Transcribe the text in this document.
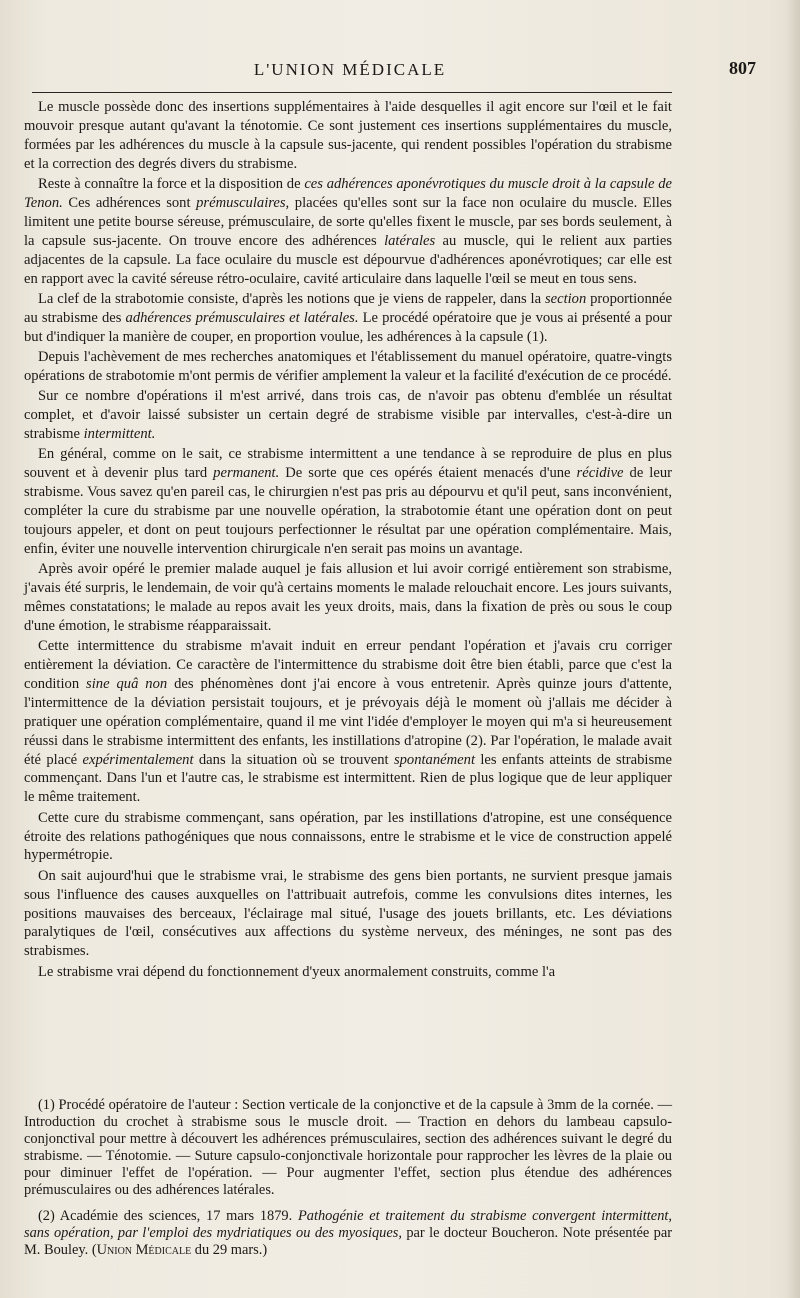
L'UNION MÉDICALE	807

Le muscle possède donc des insertions supplémentaires à l'aide desquelles il agit encore sur l'œil et le fait mouvoir presque autant qu'avant la ténotomie. Ce sont justement ces insertions supplémentaires du muscle, formées par les adhérences du muscle à la capsule sus-jacente, qui rendent possibles l'opération du strabisme et la correction des degrés divers du strabisme.

Reste à connaître la force et la disposition de ces adhérences aponévrotiques du muscle droit à la capsule de Tenon. Ces adhérences sont prémusculaires, placées qu'elles sont sur la face non oculaire du muscle. Elles limitent une petite bourse séreuse, prémusculaire, de sorte qu'elles fixent le muscle, par ses bords seulement, à la capsule sus-jacente. On trouve encore des adhérences latérales au muscle, qui le relient aux parties adjacentes de la capsule. La face oculaire du muscle est dépourvue d'adhérences aponévrotiques; car elle est en rapport avec la cavité séreuse rétro-oculaire, cavité articulaire dans laquelle l'œil se meut en tous sens.

La clef de la strabotomie consiste, d'après les notions que je viens de rappeler, dans la section proportionnée au strabisme des adhérences prémusculaires et latérales. Le procédé opératoire que je vous ai présenté a pour but d'indiquer la manière de couper, en proportion voulue, les adhérences à la capsule (1).

Depuis l'achèvement de mes recherches anatomiques et l'établissement du manuel opératoire, quatre-vingts opérations de strabotomie m'ont permis de vérifier amplement la valeur et la facilité d'exécution de ce procédé.

Sur ce nombre d'opérations il m'est arrivé, dans trois cas, de n'avoir pas obtenu d'emblée un résultat complet, et d'avoir laissé subsister un certain degré de strabisme visible par intervalles, c'est-à-dire un strabisme intermittent.

En général, comme on le sait, ce strabisme intermittent a une tendance à se reproduire de plus en plus souvent et à devenir plus tard permanent. De sorte que ces opérés étaient menacés d'une récidive de leur strabisme. Vous savez qu'en pareil cas, le chirurgien n'est pas pris au dépourvu et qu'il peut, sans inconvénient, compléter la cure du strabisme par une nouvelle opération, la strabotomie étant une opération dont on peut toujours appeler, et dont on peut toujours perfectionner le résultat par une opération complémentaire. Mais, enfin, éviter une nouvelle intervention chirurgicale n'en serait pas moins un avantage.

Après avoir opéré le premier malade auquel je fais allusion et lui avoir corrigé entièrement son strabisme, j'avais été surpris, le lendemain, de voir qu'à certains moments le malade relouchait encore. Les jours suivants, mêmes constatations; le malade au repos avait les yeux droits, mais, dans la fixation de près ou sous le coup d'une émotion, le strabisme réapparaissait.

Cette intermittence du strabisme m'avait induit en erreur pendant l'opération et j'avais cru corriger entièrement la déviation. Ce caractère de l'intermittence du strabisme doit être bien établi, parce que c'est la condition sine quâ non des phénomènes dont j'ai encore à vous entretenir. Après quinze jours d'attente, l'intermittence de la déviation persistait toujours, et je prévoyais déjà le moment où j'allais me décider à pratiquer une opération complémentaire, quand il me vint l'idée d'employer le moyen qui m'a si heureusement réussi dans le strabisme intermittent des enfants, les instillations d'atropine (2). Par l'opération, le malade avait été placé expérimentalement dans la situation où se trouvent spontanément les enfants atteints de strabisme commençant. Dans l'un et l'autre cas, le strabisme est intermittent. Rien de plus logique que de leur appliquer le même traitement.

Cette cure du strabisme commençant, sans opération, par les instillations d'atropine, est une conséquence étroite des relations pathogéniques que nous connaissons, entre le strabisme et le vice de construction appelé hypermétropie.

On sait aujourd'hui que le strabisme vrai, le strabisme des gens bien portants, ne survient presque jamais sous l'influence des causes auxquelles on l'attribuait autrefois, comme les convulsions dites internes, les positions mauvaises des berceaux, l'éclairage mal situé, l'usage des jouets brillants, etc. Les déviations paralytiques de l'œil, consécutives aux affections du système nerveux, des méninges, ne sont pas des strabismes.

Le strabisme vrai dépend du fonctionnement d'yeux anormalement construits, comme l'a

(1) Procédé opératoire de l'auteur : Section verticale de la conjonctive et de la capsule à 3mm de la cornée. — Introduction du crochet à strabisme sous le muscle droit. — Traction en dehors du lambeau capsulo-conjonctival pour mettre à découvert les adhérences prémusculaires, section des adhérences suivant le degré du strabisme. — Ténotomie. — Suture capsulo-conjonctivale horizontale pour rapprocher les lèvres de la plaie ou pour diminuer l'effet de l'opération. — Pour augmenter l'effet, section plus étendue des adhérences prémusculaires ou des adhérences latérales.

(2) Académie des sciences, 17 mars 1879. Pathogénie et traitement du strabisme convergent intermittent, sans opération, par l'emploi des mydriatiques ou des myosiques, par le docteur Boucheron. Note présentée par M. Bouley. (Union Médicale du 29 mars.)
